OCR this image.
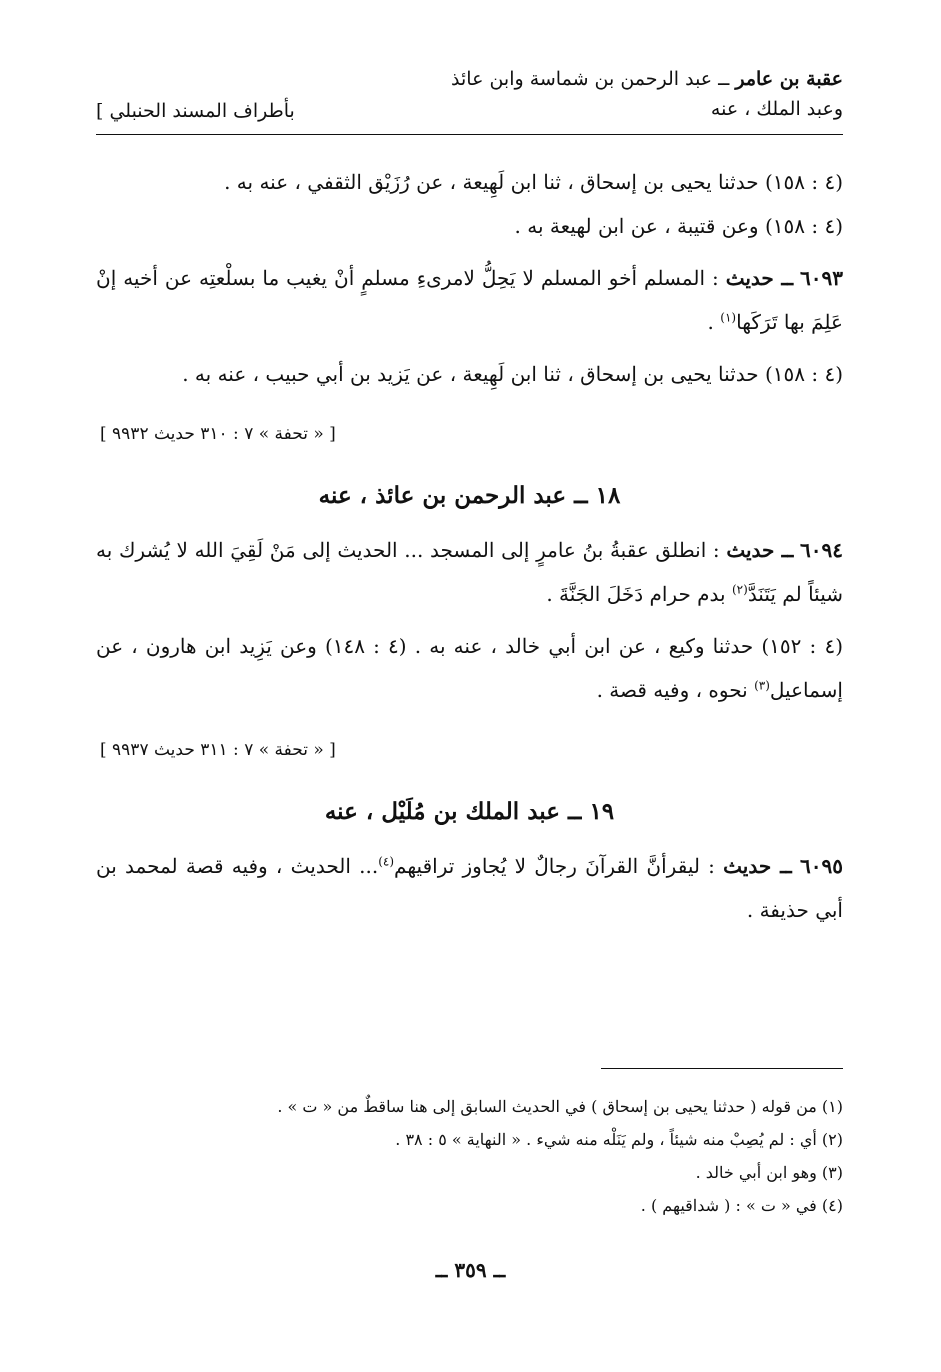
عقبة بن عامر ــ عبد الرحمن بن شماسة وابن عائذ
وعبد الملك ، عنه
بأطراف المسند الحنبلي ]

(٤ : ١٥٨) حدثنا يحيى بن إسحاق ، ثنا ابن لَهِيعة ، عن رُزَيْق الثقفي ، عنه به .

(٤ : ١٥٨) وعن قتيبة ، عن ابن لهيعة به .

٦٠٩٣ ــ حديث : المسلم أخو المسلم لا يَحِلُّ لامرىءِ مسلمٍ أنْ يغيب ما بسلْعتِه عن أخيه إنْ عَلِمَ بها تَرَكَها$^{(١)}$ .

(٤ : ١٥٨) حدثنا يحيى بن إسحاق ، ثنا ابن لَهِيعة ، عن يَزيد بن أبي حبيب ، عنه به .

[ « تحفة » ٧ : ٣١٠ حديث ٩٩٣٢ ]

١٨ ــ عبد الرحمن بن عائذ ، عنه

٦٠٩٤ ــ حديث : انطلق عقبةُ بنُ عامرٍ إلى المسجد ... الحديث إلى مَنْ لَقِيَ الله لا يُشرك به شيئاً لم يَتَنَدَّ$^{(٢)}$ بدم حرام دَخَلَ الجَنَّةَ .

(٤ : ١٥٢) حدثنا وكيع ، عن ابن أبي خالد ، عنه به . (٤ : ١٤٨) وعن يَزِيد ابن هارون ، عن إسماعيل$^{(٣)}$ نحوه ، وفيه قصة .

[ « تحفة » ٧ : ٣١١ حديث ٩٩٣٧ ]

١٩ ــ عبد الملك بن مُلَيْل ، عنه

٦٠٩٥ ــ حديث : ليقرأنَّ القرآنَ رجالٌ لا يُجاوز تراقيهم$^{(٤)}$... الحديث ، وفيه قصة لمحمد بن أبي حذيفة .

(١) من قوله ( حدثنا يحيى بن إسحاق ) في الحديث السابق إلى هنا ساقطٌ من « ت » .
(٢) أي : لم يُصِبْ منه شيئاً ، ولم يَنَلْه منه شيء . « النهاية » ٥ : ٣٨ .
(٣) وهو ابن أبي خالد .
(٤) في « ت » : ( شداقيهم ) .
ــ ٣٥٩ ــ
